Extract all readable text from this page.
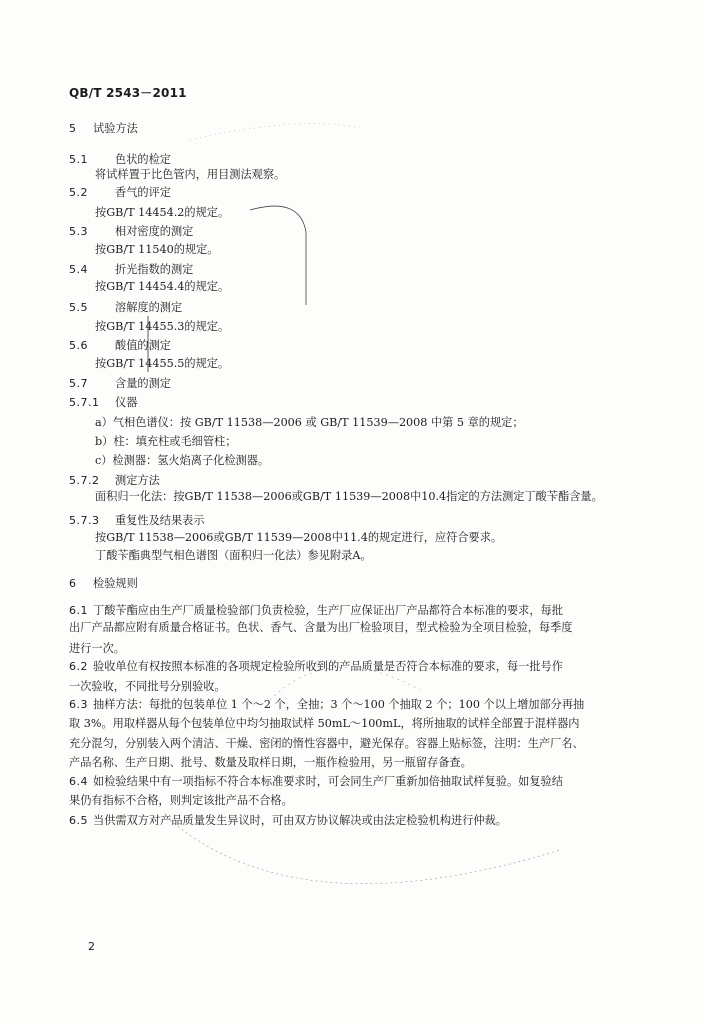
QB/T 2543－2011
5 试验方法
5.1 色状的检定
将试样置于比色管内，用目测法观察。
5.2 香气的评定
按GB/T 14454.2的规定。
5.3 相对密度的测定
按GB/T 11540的规定。
5.4 折光指数的测定
按GB/T 14454.4的规定。
5.5 溶解度的测定
按GB/T 14455.3的规定。
5.6 酸值的测定
按GB/T 14455.5的规定。
5.7 含量的测定
5.7.1 仪器
a）气相色谱仪：按 GB/T 11538—2006 或 GB/T 11539—2008 中第 5 章的规定；
b）柱：填充柱或毛细管柱；
c）检测器：氢火焰离子化检测器。
5.7.2 测定方法
面积归一化法：按GB/T 11538—2006或GB/T 11539—2008中10.4指定的方法测定丁酸苄酯含量。
5.7.3 重复性及结果表示
按GB/T 11538—2006或GB/T 11539—2008中11.4的规定进行，应符合要求。
丁酸苄酯典型气相色谱图（面积归一化法）参见附录A。
6 检验规则
6.1 丁酸苄酯应由生产厂质量检验部门负责检验，生产厂应保证出厂产品都符合本标准的要求，每批
出厂产品都应附有质量合格证书。色状、香气、含量为出厂检验项目，型式检验为全项目检验，每季度
进行一次。
6.2 验收单位有权按照本标准的各项规定检验所收到的产品质量是否符合本标准的要求，每一批号作
一次验收，不同批号分别验收。
6.3 抽样方法：每批的包装单位 1 个～2 个，全抽；3 个～100 个抽取 2 个；100 个以上增加部分再抽
取 3%。用取样器从每个包装单位中均匀抽取试样 50mL～100mL，将所抽取的试样全部置于混样器内
充分混匀，分别装入两个清洁、干燥、密闭的惰性容器中，避光保存。容器上贴标签，注明：生产厂名、
产品名称、生产日期、批号、数量及取样日期，一瓶作检验用，另一瓶留存备查。
6.4 如检验结果中有一项指标不符合本标准要求时，可会同生产厂重新加倍抽取试样复验。如复验结
果仍有指标不合格，则判定该批产品不合格。
6.5 当供需双方对产品质量发生异议时，可由双方协议解决或由法定检验机构进行仲裁。
2
